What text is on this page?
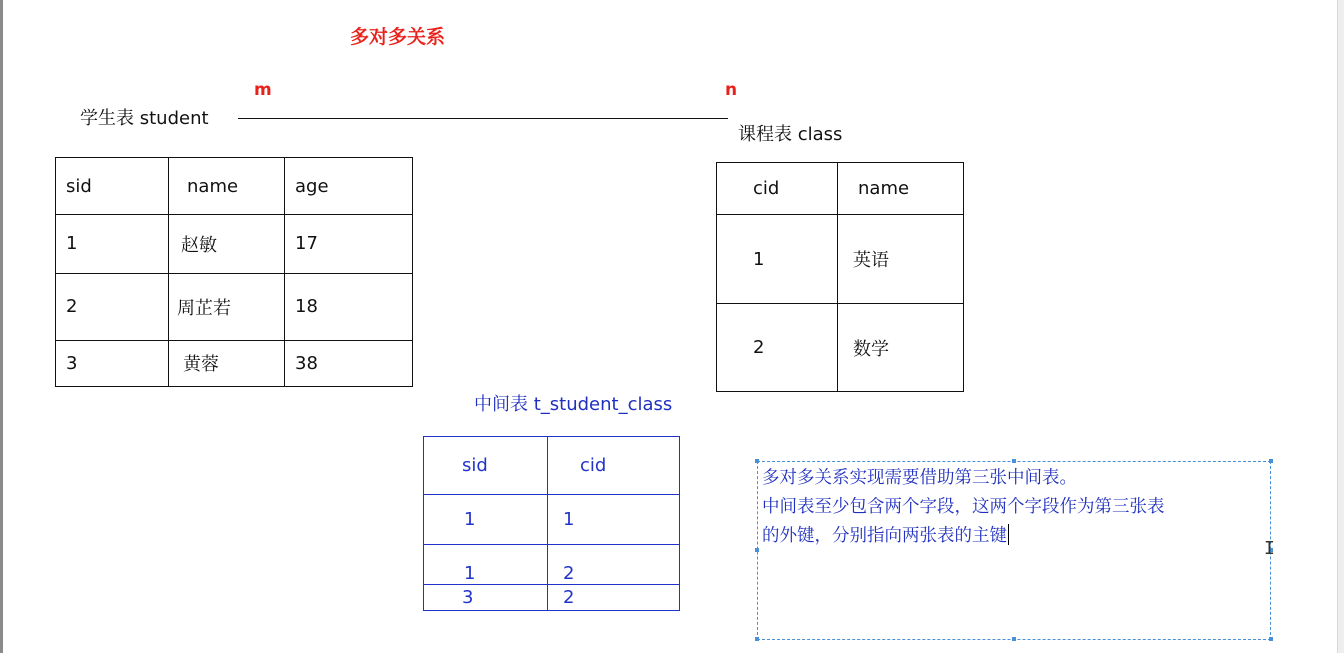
多对多关系
m	n
学生表 student
sid	name	age
1	赵敏	17
2	周芷若	18
3	黄蓉	38
课程表 class
cid	name
1	英语
2	数学
中间表 t_student_class
sid	cid
1	1
1	2
3	2
多对多关系实现需要借助第三张中间表。
中间表至少包含两个字段，这两个字段作为第三张表
的外键，分别指向两张表的主键
I
